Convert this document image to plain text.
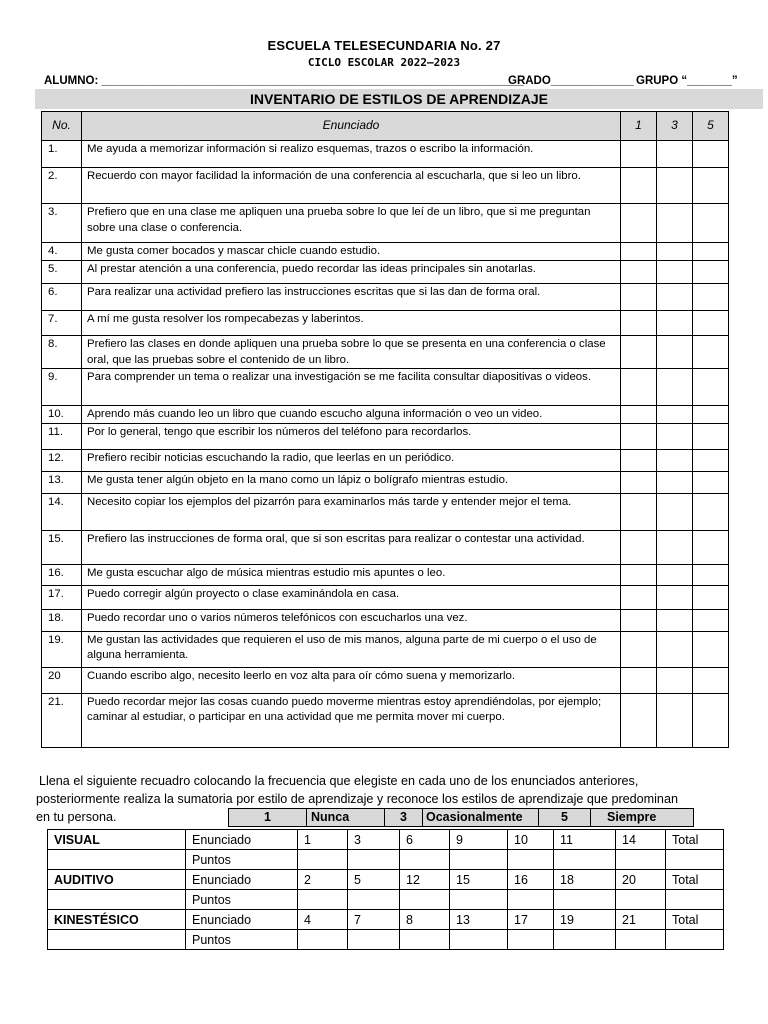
ESCUELA TELESECUNDARIA No. 27
CICLO ESCOLAR 2022–2023
ALUMNO: __________________________________________________________________
GRADO_____________ GRUPO “_______”
INVENTARIO DE ESTILOS DE APRENDIZAJE
No.	Enunciado	1	3	5
1.	Me ayuda a memorizar información si realizo esquemas, trazos o escribo la información.			
2.	Recuerdo con mayor facilidad la información de una conferencia al escucharla, que si leo un libro.			
3.	Prefiero que en una clase me apliquen una prueba sobre lo que leí de un libro, que si me preguntan sobre una clase o conferencia.			
4.	Me gusta comer bocados y mascar chicle cuando estudio.			
5.	Al prestar atención a una conferencia, puedo recordar las ideas principales sin anotarlas.			
6.	Para realizar una actividad prefiero las instrucciones escritas que si las dan de forma oral.			
7.	A mí me gusta resolver los rompecabezas y laberintos.			
8.	Prefiero las clases en donde apliquen una prueba sobre lo que se presenta en una conferencia o clase oral, que las pruebas sobre el contenido de un libro.			
9.	Para comprender un tema o realizar una investigación se me facilita consultar diapositivas o videos.			
10.	Aprendo más cuando leo un libro que cuando escucho alguna información o veo un video.			
11.	Por lo general, tengo que escribir los números del teléfono para recordarlos.			
12.	Prefiero recibir noticias escuchando la radio, que leerlas en un periódico.			
13.	Me gusta tener algún objeto en la mano como un lápiz o bolígrafo mientras estudio.			
14.	Necesito copiar los ejemplos del pizarrón para examinarlos más tarde y entender mejor el tema.			
15.	Prefiero las instrucciones de forma oral, que si son escritas para realizar o contestar una actividad.			
16.	Me gusta escuchar algo de música mientras estudio mis apuntes o leo.			
17.	Puedo corregir algún proyecto o clase examinándola en casa.			
18.	Puedo recordar uno o varios números telefónicos con escucharlos una vez.			
19.	Me gustan las actividades que requieren el uso de mis manos, alguna parte de mi cuerpo o el uso de alguna herramienta.			
20	Cuando escribo algo, necesito leerlo en voz alta para oír cómo suena y memorizarlo.			
21.	Puedo recordar mejor las cosas cuando puedo moverme mientras estoy aprendiéndolas, por ejemplo; caminar al estudiar, o participar en una actividad que me permita mover mi cuerpo.			

Llena el siguiente recuadro colocando la frecuencia que elegiste en cada uno de los enunciados anteriores,

posteriormente realiza la sumatoria por estilo de aprendizaje y reconoce los estilos de aprendizaje que predominan

en tu persona.	1	Nunca	3	Ocasionalmente	5	Siempre
VISUAL	Enunciado	1	3	6	9	10	11	14	Total
	Puntos								
AUDITIVO	Enunciado	2	5	12	15	16	18	20	Total
	Puntos								
KINESTÉSICO	Enunciado	4	7	8	13	17	19	21	Total
	Puntos								
